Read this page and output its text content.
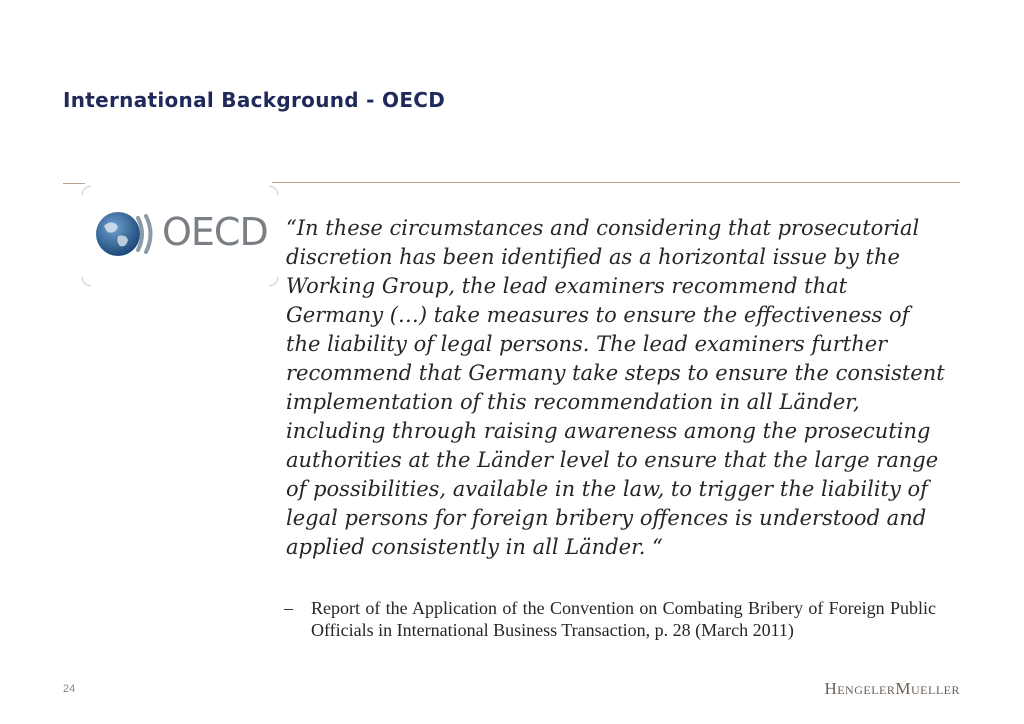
International Background - OECD
OECD “In these circumstances and considering that prosecutorial discretion has been identified as a horizontal issue by the Working Group, the lead examiners recommend that Germany (…) take measures to ensure the effectiveness of the liability of legal persons. The lead examiners further recommend that Germany take steps to ensure the consistent implementation of this recommendation in all Länder, including through raising awareness among the prosecuting authorities at the Länder level to ensure that the large range of possibilities, available in the law, to trigger the liability of legal persons for foreign bribery offences is understood and applied consistently in all Länder. “

–	Report of the Application of the Convention on Combating Bribery of Foreign Public Officials in International Business Transaction, p. 28 (March 2011)
24	HengelerMueller
